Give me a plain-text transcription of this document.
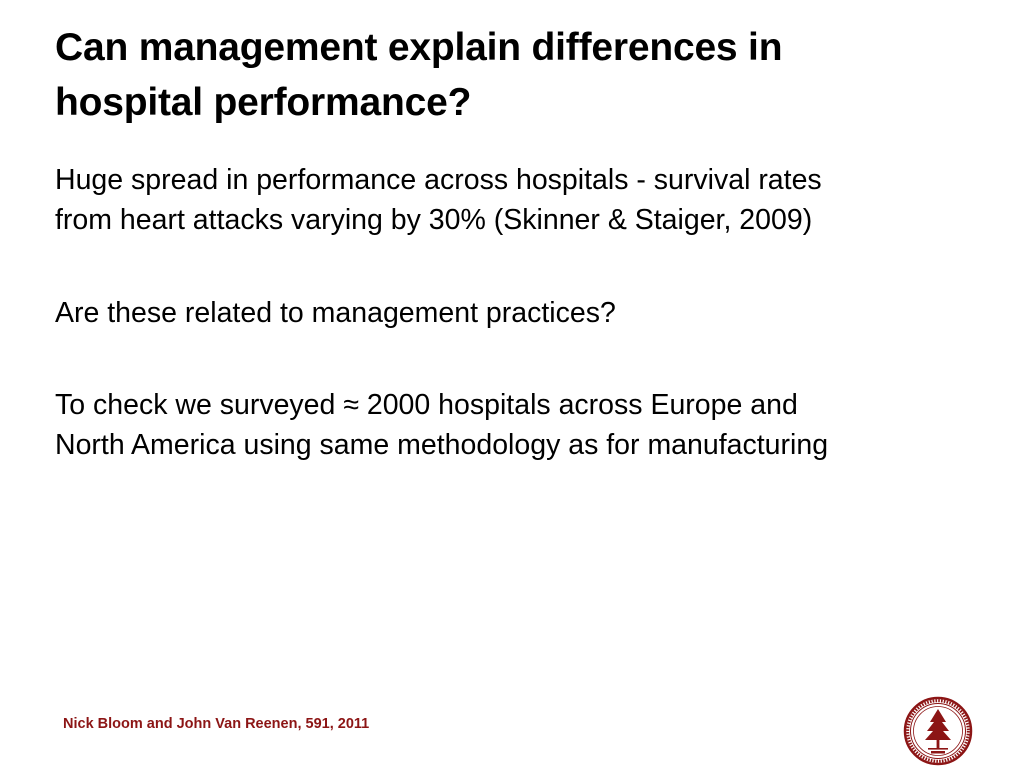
Can management explain differences in
hospital performance?

Huge spread in performance across hospitals - survival rates
from heart attacks varying by 30% (Skinner & Staiger, 2009)

Are these related to management practices?

To check we surveyed ≈ 2000 hospitals across Europe and
North America using same methodology as for manufacturing

Nick Bloom and John Van Reenen, 591, 2011
